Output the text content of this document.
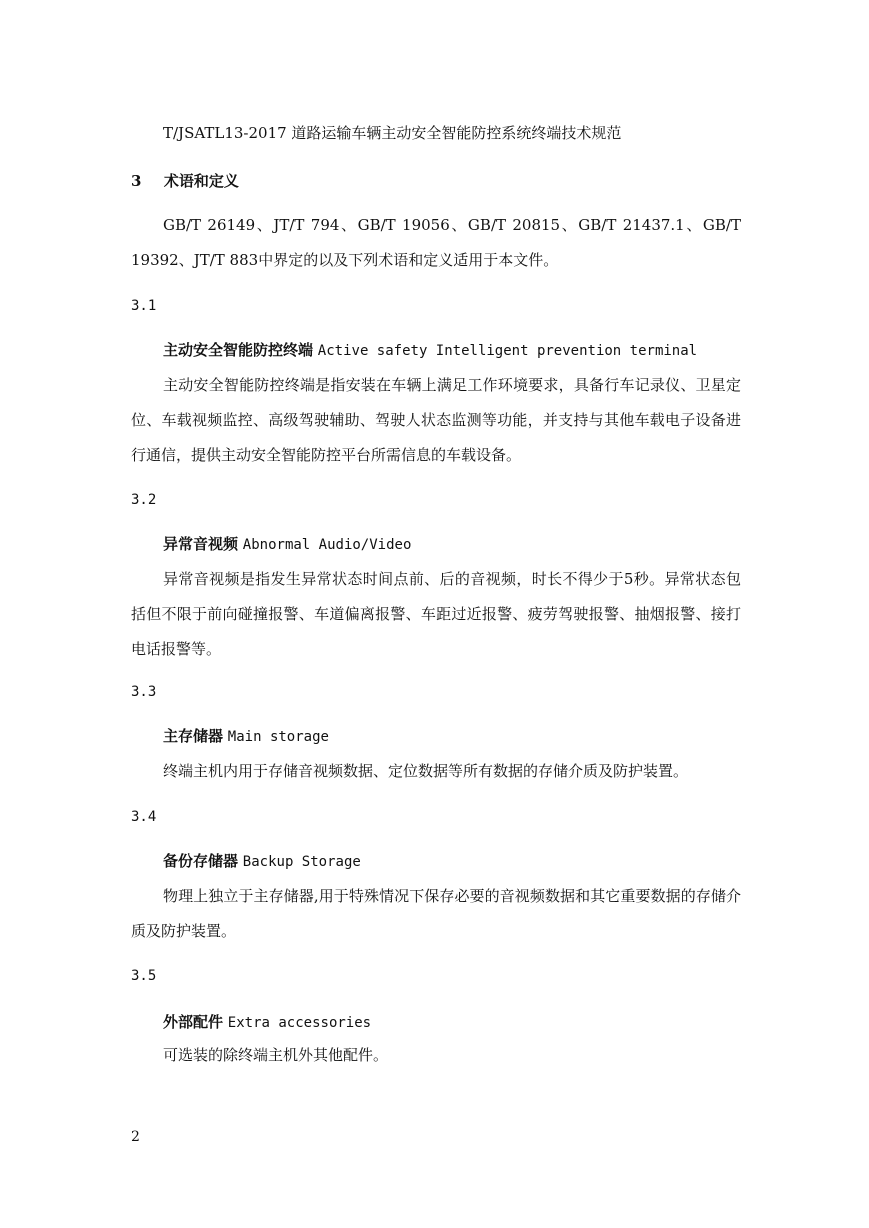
T/JSATL13-2017 道路运输车辆主动安全智能防控系统终端技术规范
3 术语和定义
GB/T 26149、JT/T 794、GB/T 19056、GB/T 20815、GB/T 21437.1、GB/T 19392、JT/T 883中界定的以及下列术语和定义适用于本文件。
3.1
主动安全智能防控终端 Active safety Intelligent prevention terminal
主动安全智能防控终端是指安装在车辆上满足工作环境要求，具备行车记录仪、卫星定位、车载视频监控、高级驾驶辅助、驾驶人状态监测等功能，并支持与其他车载电子设备进行通信，提供主动安全智能防控平台所需信息的车载设备。
3.2
异常音视频 Abnormal Audio/Video
异常音视频是指发生异常状态时间点前、后的音视频，时长不得少于5秒。异常状态包括但不限于前向碰撞报警、车道偏离报警、车距过近报警、疲劳驾驶报警、抽烟报警、接打电话报警等。
3.3
主存储器 Main storage
终端主机内用于存储音视频数据、定位数据等所有数据的存储介质及防护装置。
3.4
备份存储器 Backup Storage
物理上独立于主存储器,用于特殊情况下保存必要的音视频数据和其它重要数据的存储介质及防护装置。
3.5
外部配件 Extra accessories
可选装的除终端主机外其他配件。
2
